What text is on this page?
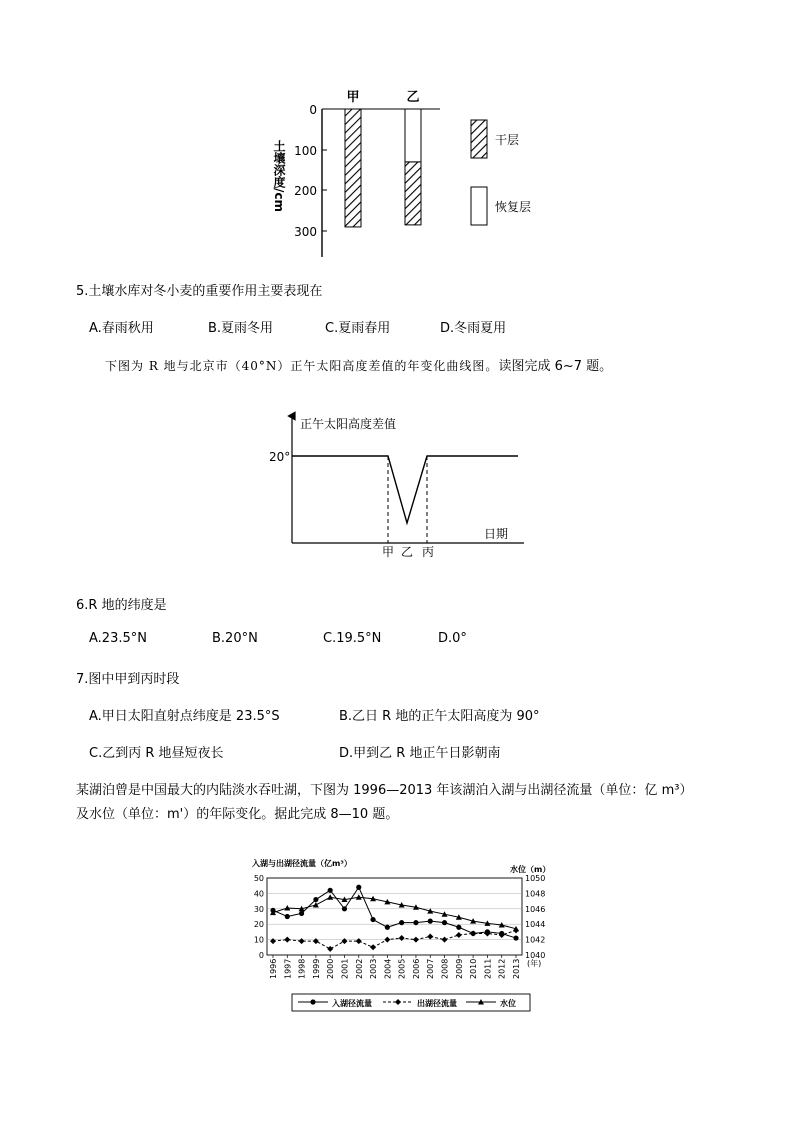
甲	乙
0
100
200
300
土壤深度/cm	干层
恢复层
5.土壤水库对冬小麦的重要作用主要表现在
A.春雨秋用	B.夏雨冬用	C.夏雨春用	D.冬雨夏用
下图为 R 地与北京市（40°N）正午太阳高度差值的年变化曲线图。读图完成 6~7 题。
正午太阳高度差值
20°
日期
甲 乙 丙
6.R 地的纬度是
A.23.5°N	B.20°N	C.19.5°N	D.0°
7.图中甲到丙时段
A.甲日太阳直射点纬度是 23.5°S	B.乙日 R 地的正午太阳高度为 90°
C.乙到丙 R 地昼短夜长	D.甲到乙 R 地正午日影朝南
某湖泊曾是中国最大的内陆淡水吞吐湖，下图为 1996—2013 年该湖泊入湖与出湖径流量（单位：亿 m³）
及水位（单位：m'）的年际变化。据此完成 8—10 题。
入湖与出湖径流量（亿m³）
水位（m）
0
10
20
30
40
50
1040
1042
1044
1046
1048
1050
1996 1997 1998 1999 2000 2001 2002 2003 2004 2005 2006 2007 2008 2009 2010 2011 2012 2013 (年)
入湖径流量	出湖径流量	水位
